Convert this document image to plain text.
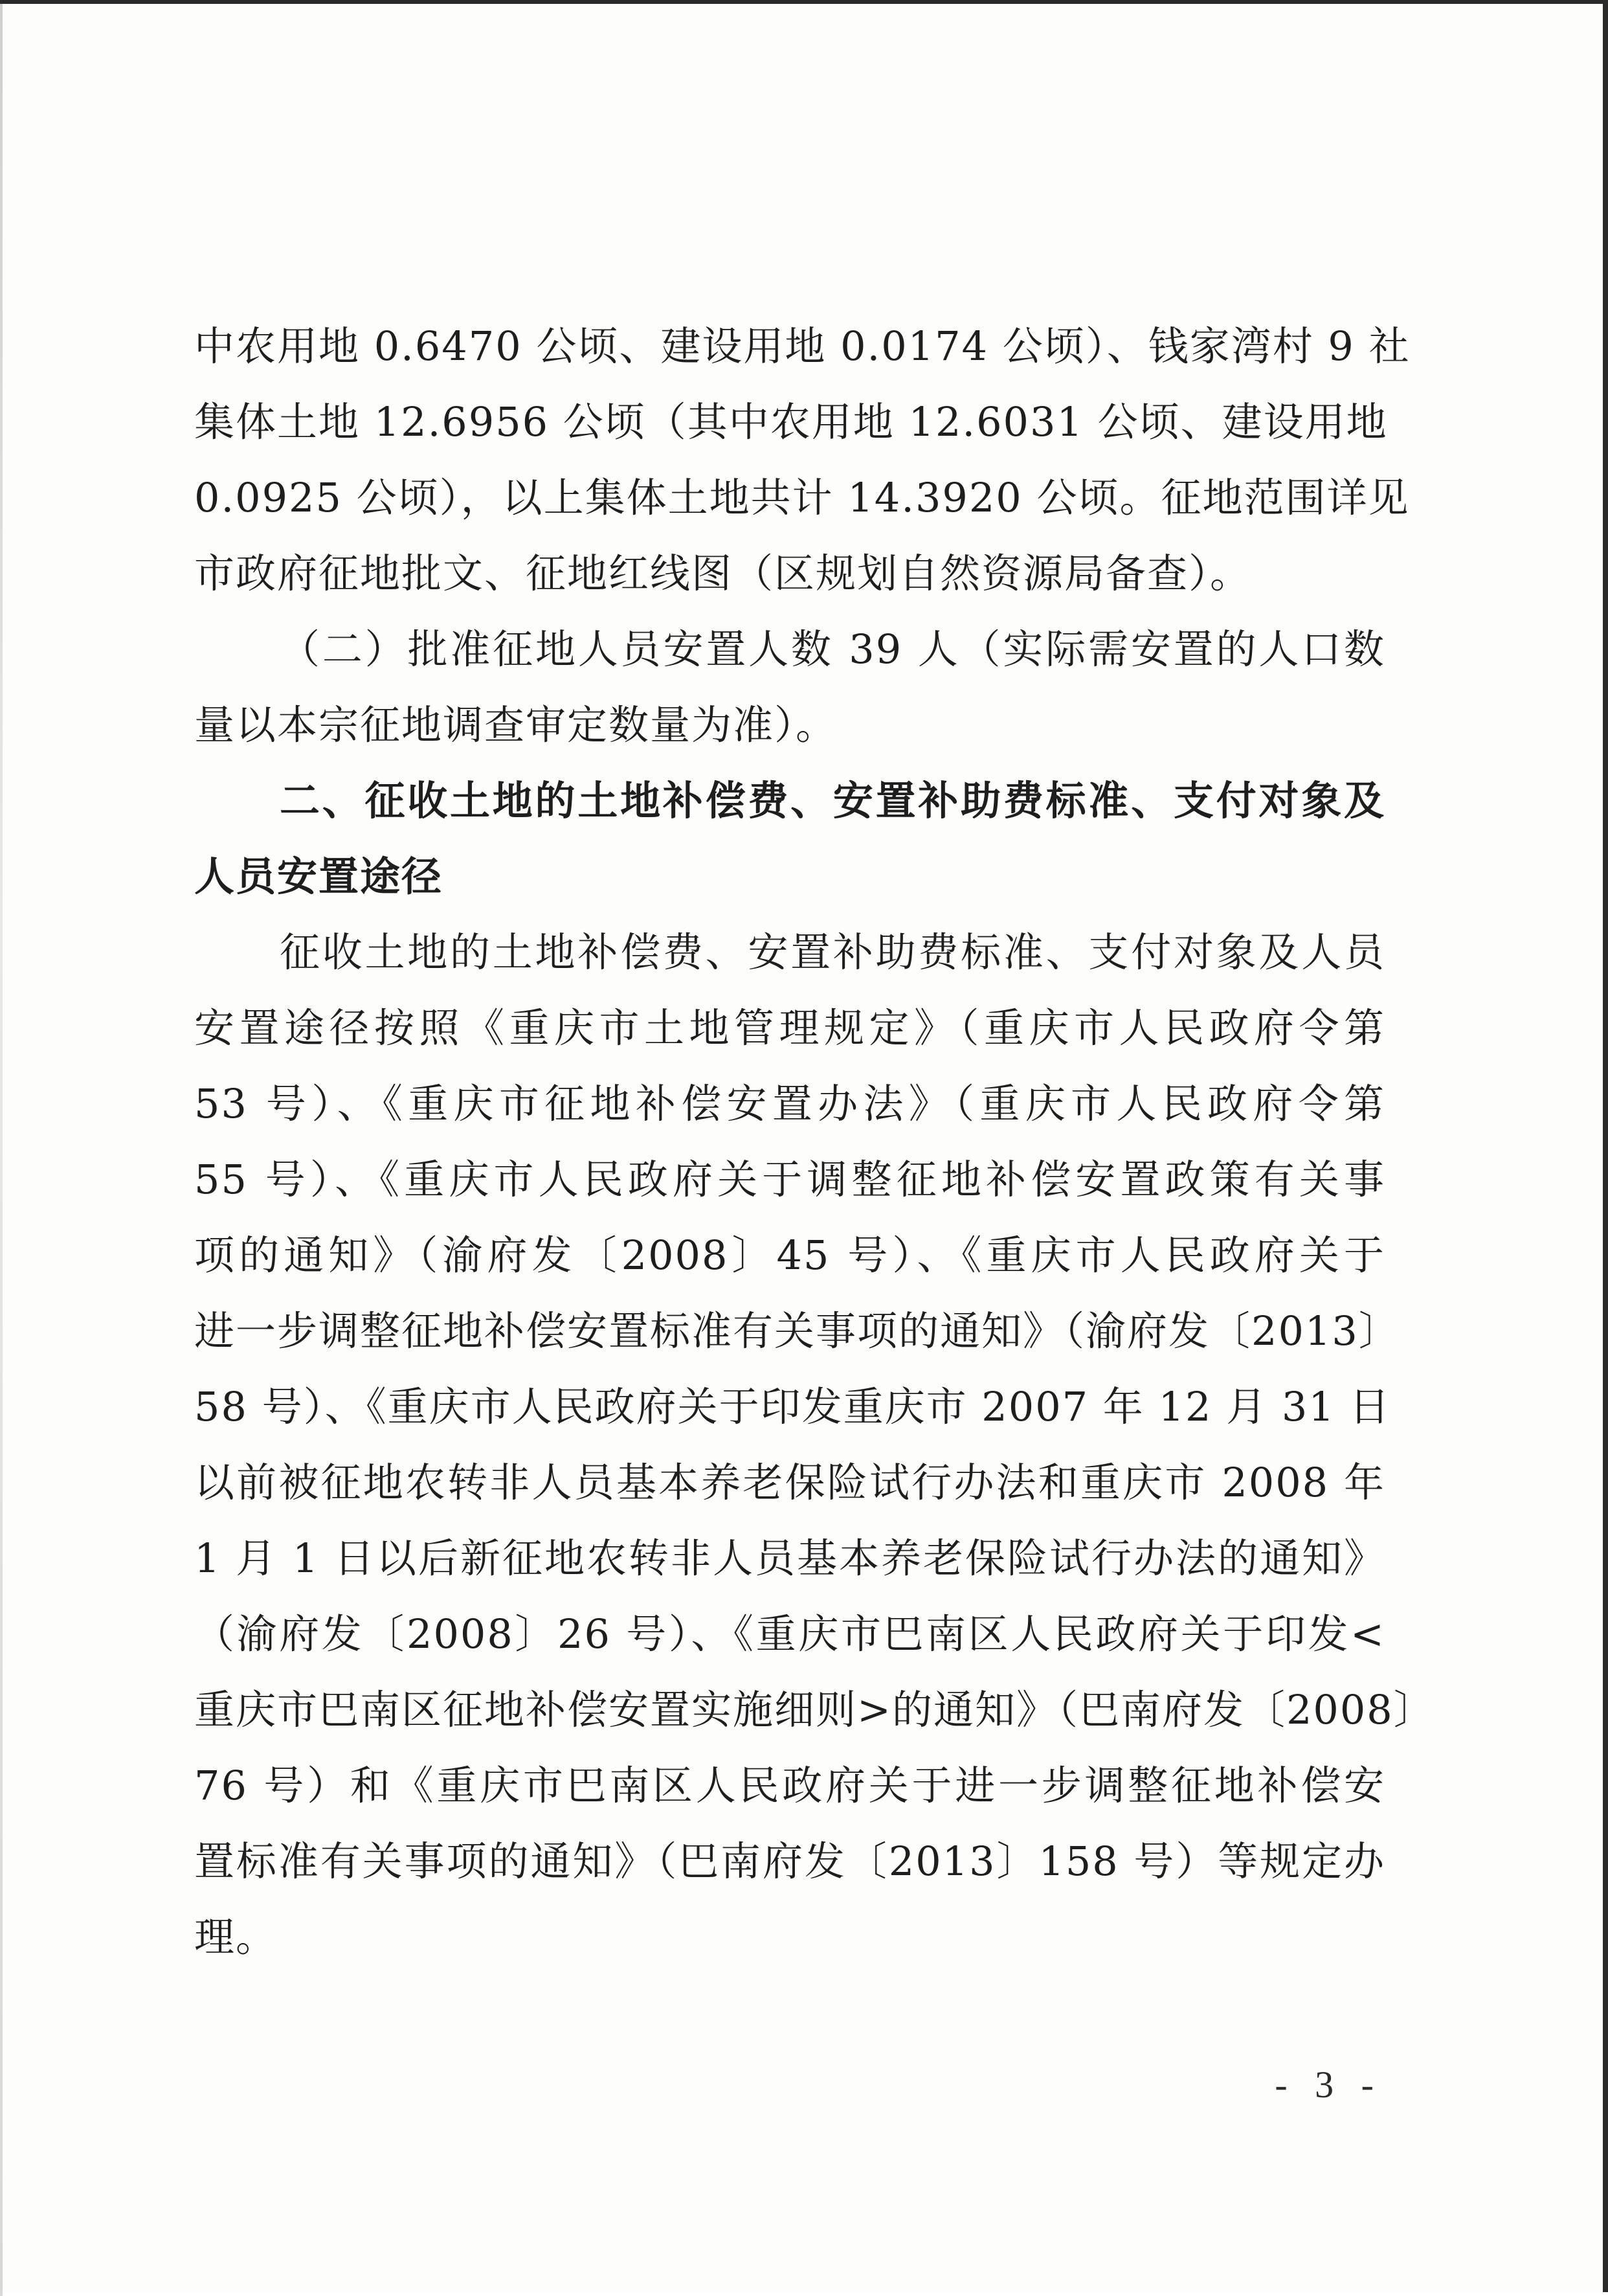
中农用地 0.6470 公顷、建设用地 0.0174 公顷）、钱家湾村 9 社
集体土地 12.6956 公顷（其中农用地 12.6031 公顷、建设用地
0.0925 公顷），以上集体土地共计 14.3920 公顷。征地范围详见
市政府征地批文、征地红线图（区规划自然资源局备查）。
（二）批准征地人员安置人数 39 人（实际需安置的人口数
量以本宗征地调查审定数量为准）。
二、征收土地的土地补偿费、安置补助费标准、支付对象及
人员安置途径
征收土地的土地补偿费、安置补助费标准、支付对象及人员
安置途径按照《重庆市土地管理规定》（重庆市人民政府令第
53 号）、《重庆市征地补偿安置办法》（重庆市人民政府令第
55 号）、《重庆市人民政府关于调整征地补偿安置政策有关事
项的通知》（渝府发〔2008〕45 号）、《重庆市人民政府关于
进一步调整征地补偿安置标准有关事项的通知》（渝府发〔2013〕
58 号）、《重庆市人民政府关于印发重庆市 2007 年 12 月 31 日
以前被征地农转非人员基本养老保险试行办法和重庆市 2008 年
1 月 1 日以后新征地农转非人员基本养老保险试行办法的通知》
（渝府发〔2008〕26 号）、《重庆市巴南区人民政府关于印发<
重庆市巴南区征地补偿安置实施细则>的通知》（巴南府发〔2008〕
76 号）和《重庆市巴南区人民政府关于进一步调整征地补偿安
置标准有关事项的通知》（巴南府发〔2013〕158 号）等规定办
理。
- 3 -
